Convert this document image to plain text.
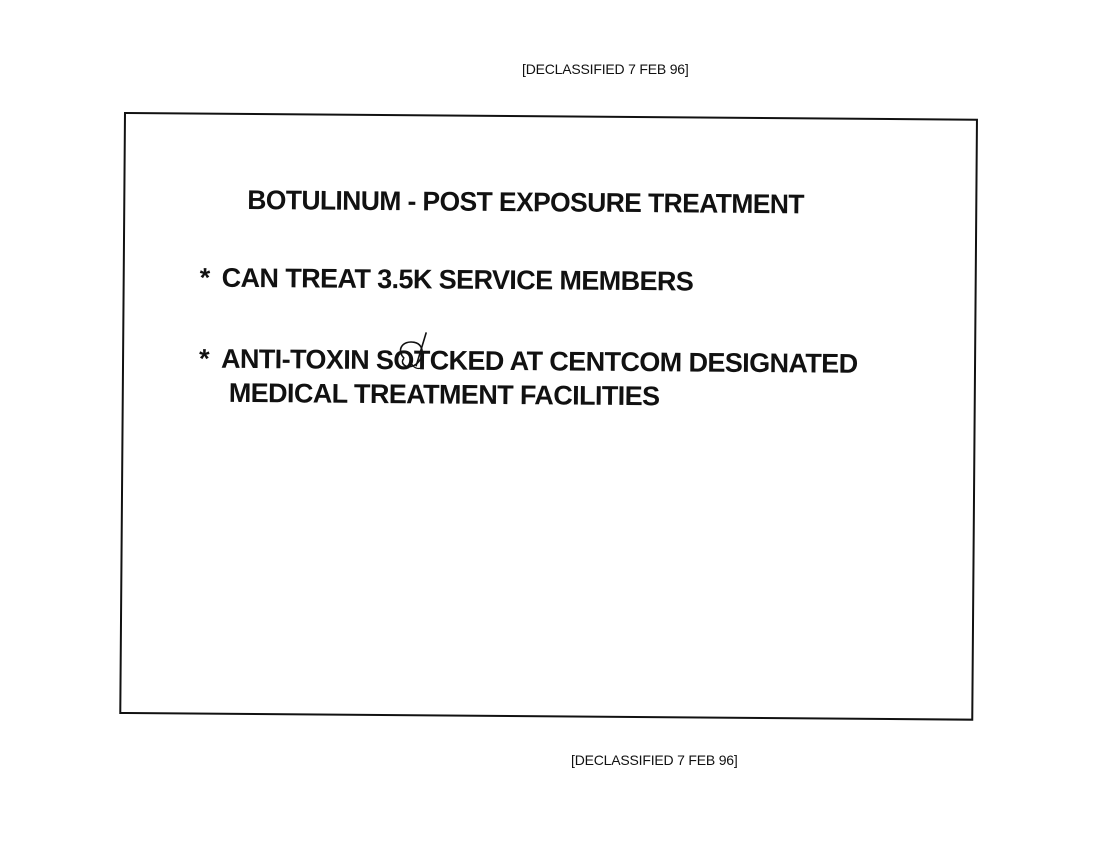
[DECLASSIFIED 7 FEB 96]
BOTULINUM - POST EXPOSURE TREATMENT

* CAN TREAT 3.5K SERVICE MEMBERS

* ANTI-TOXIN SOTCKED AT CENTCOM DESIGNATED
MEDICAL TREATMENT FACILITIES

[DECLASSIFIED 7 FEB 96]
